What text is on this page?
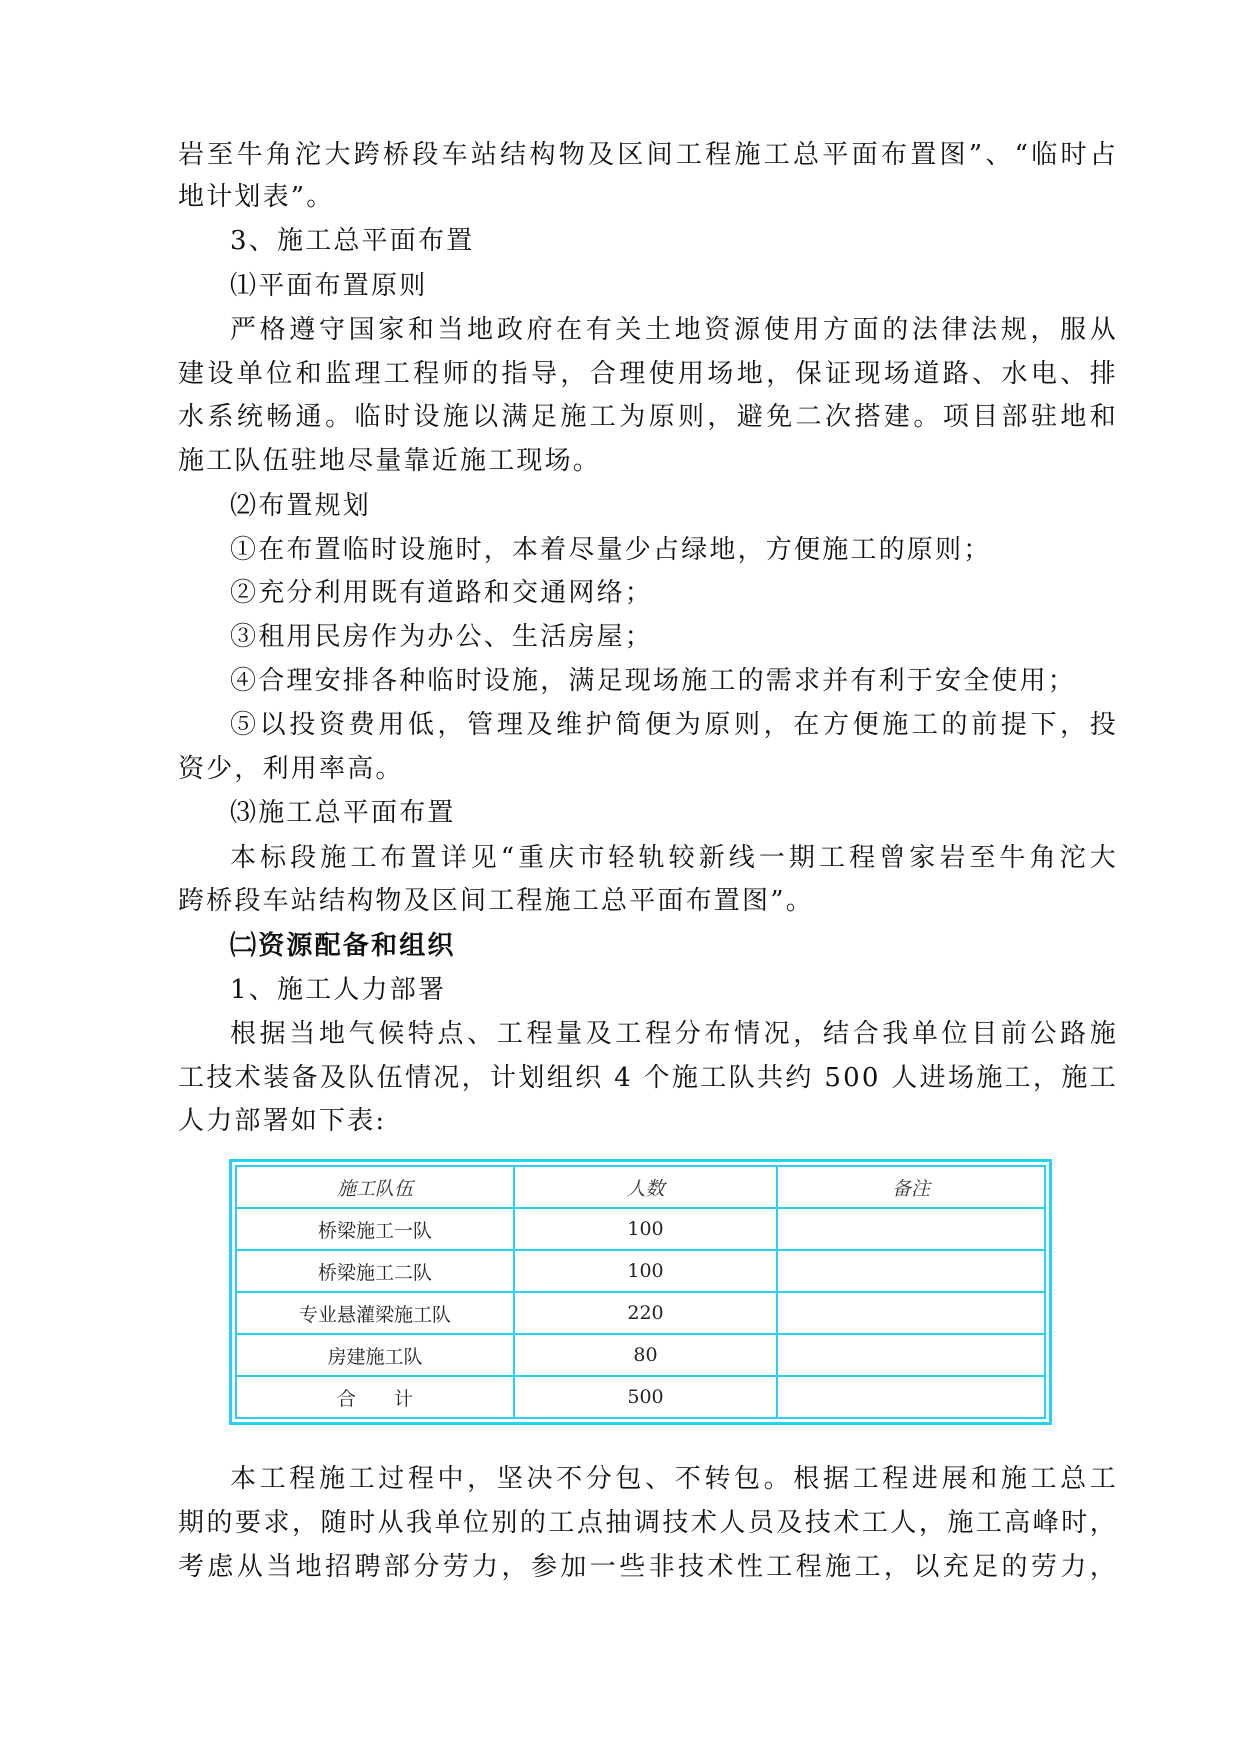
岩至牛角沱大跨桥段车站结构物及区间工程施工总平面布置图”、“临时占
地计划表”。
3、施工总平面布置
⑴平面布置原则
严格遵守国家和当地政府在有关土地资源使用方面的法律法规，服从
建设单位和监理工程师的指导，合理使用场地，保证现场道路、水电、排
水系统畅通。临时设施以满足施工为原则，避免二次搭建。项目部驻地和
施工队伍驻地尽量靠近施工现场。
⑵布置规划
①在布置临时设施时，本着尽量少占绿地，方便施工的原则；
②充分利用既有道路和交通网络；
③租用民房作为办公、生活房屋；
④合理安排各种临时设施，满足现场施工的需求并有利于安全使用；
⑤以投资费用低，管理及维护简便为原则，在方便施工的前提下，投
资少，利用率高。
⑶施工总平面布置
本标段施工布置详见“重庆市轻轨较新线一期工程曾家岩至牛角沱大
跨桥段车站结构物及区间工程施工总平面布置图”。
㈡资源配备和组织
1、施工人力部署
根据当地气候特点、工程量及工程分布情况，结合我单位目前公路施
工技术装备及队伍情况，计划组织 4 个施工队共约 500 人进场施工，施工
人力部署如下表:
施工队伍	人数	备注
桥梁施工一队	100	
桥梁施工二队	100	
专业悬灌梁施工队	220	
房建施工队	80	
合　　计	500	
本工程施工过程中，坚决不分包、不转包。根据工程进展和施工总工
期的要求，随时从我单位别的工点抽调技术人员及技术工人，施工高峰时，
考虑从当地招聘部分劳力，参加一些非技术性工程施工，以充足的劳力，
